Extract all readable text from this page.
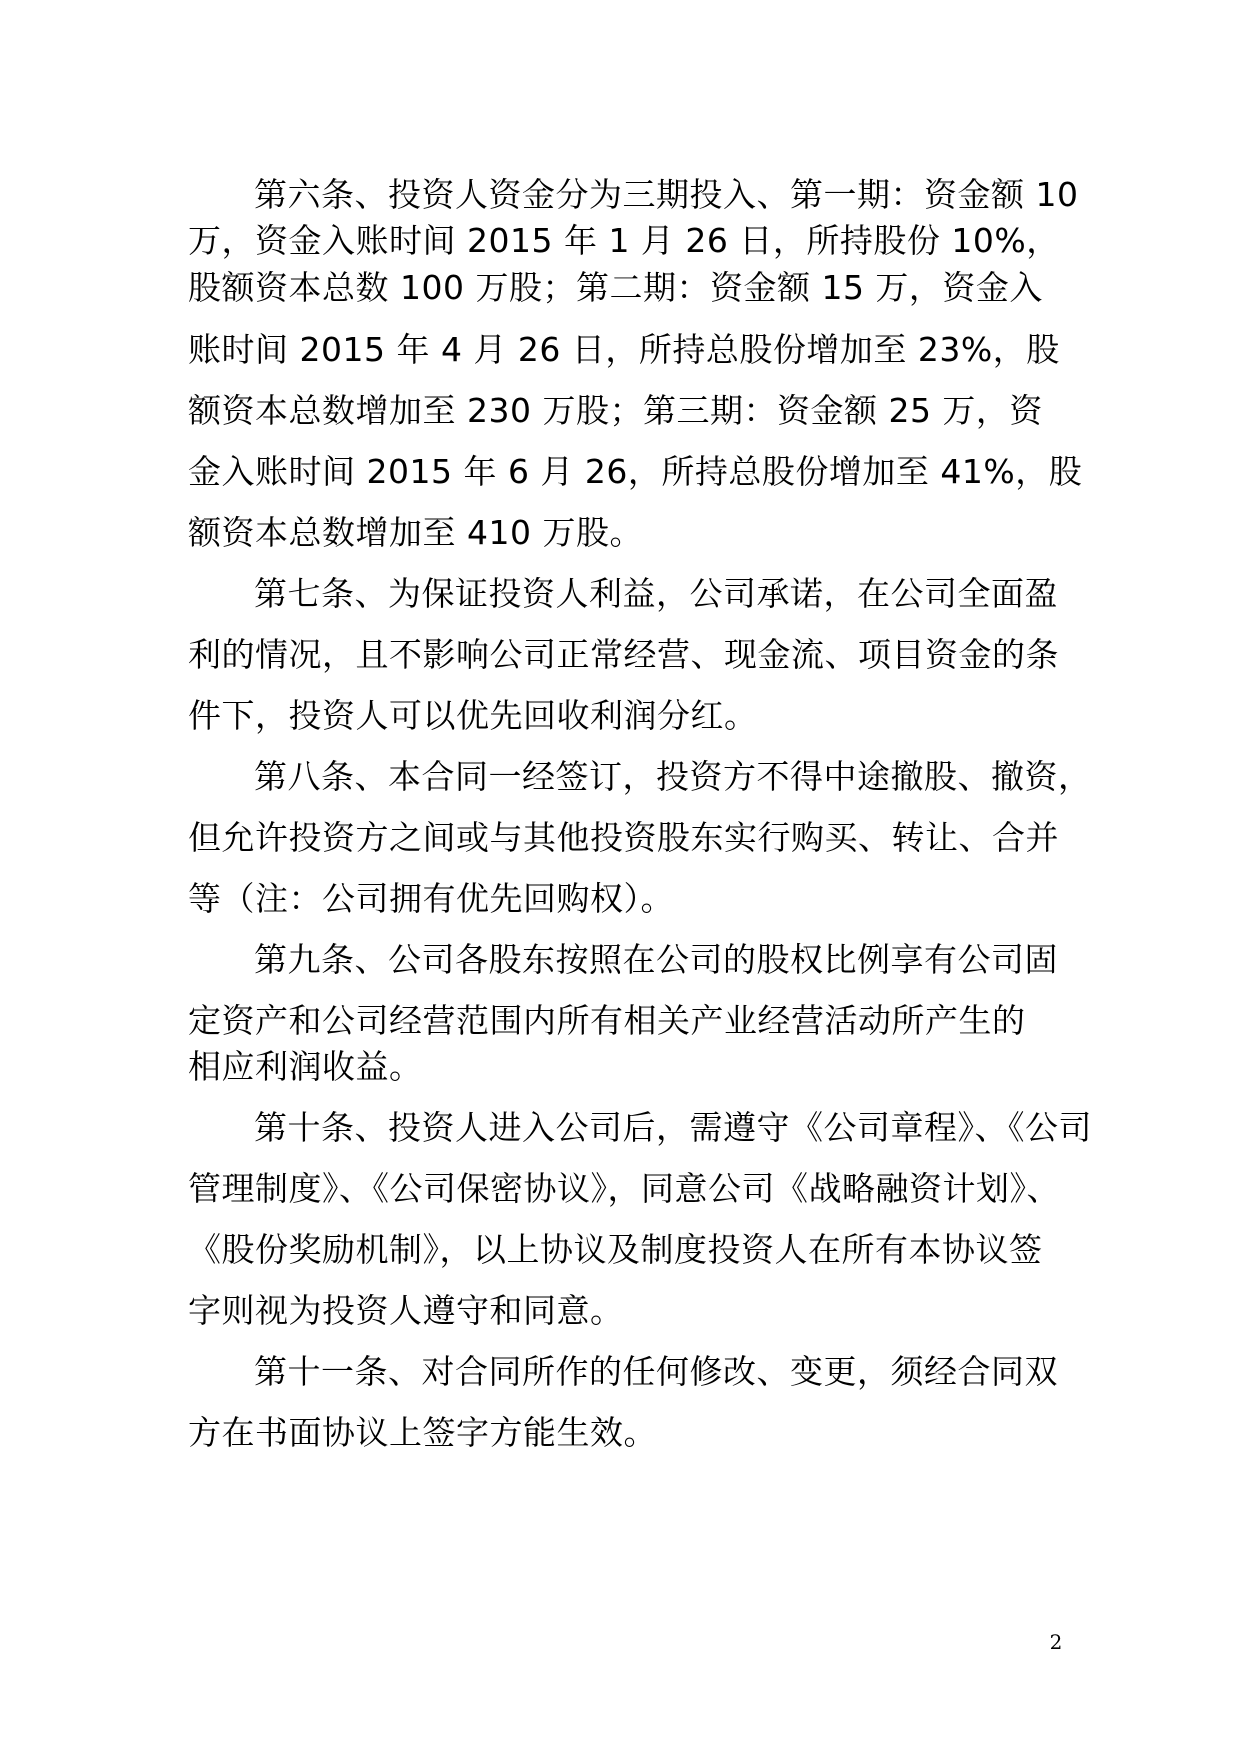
第六条、投资人资金分为三期投入、第一期：资金额 10
万，资金入账时间 2015 年 1 月 26 日，所持股份 10%，
股额资本总数 100 万股；第二期：资金额 15 万，资金入
账时间 2015 年 4 月 26 日，所持总股份增加至 23%，股
额资本总数增加至 230 万股；第三期：资金额 25 万，资
金入账时间 2015 年 6 月 26，所持总股份增加至 41%，股
额资本总数增加至 410 万股。
第七条、为保证投资人利益，公司承诺，在公司全面盈
利的情况，且不影响公司正常经营、现金流、项目资金的条
件下，投资人可以优先回收利润分红。
第八条、本合同一经签订，投资方不得中途撤股、撤资，
但允许投资方之间或与其他投资股东实行购买、转让、合并
等（注：公司拥有优先回购权）。
第九条、公司各股东按照在公司的股权比例享有公司固
定资产和公司经营范围内所有相关产业经营活动所产生的
相应利润收益。
第十条、投资人进入公司后，需遵守《公司章程》、《公司
管理制度》、《公司保密协议》，同意公司《战略融资计划》、
《股份奖励机制》，以上协议及制度投资人在所有本协议签
字则视为投资人遵守和同意。
第十一条、对合同所作的任何修改、变更，须经合同双
方在书面协议上签字方能生效。
2
